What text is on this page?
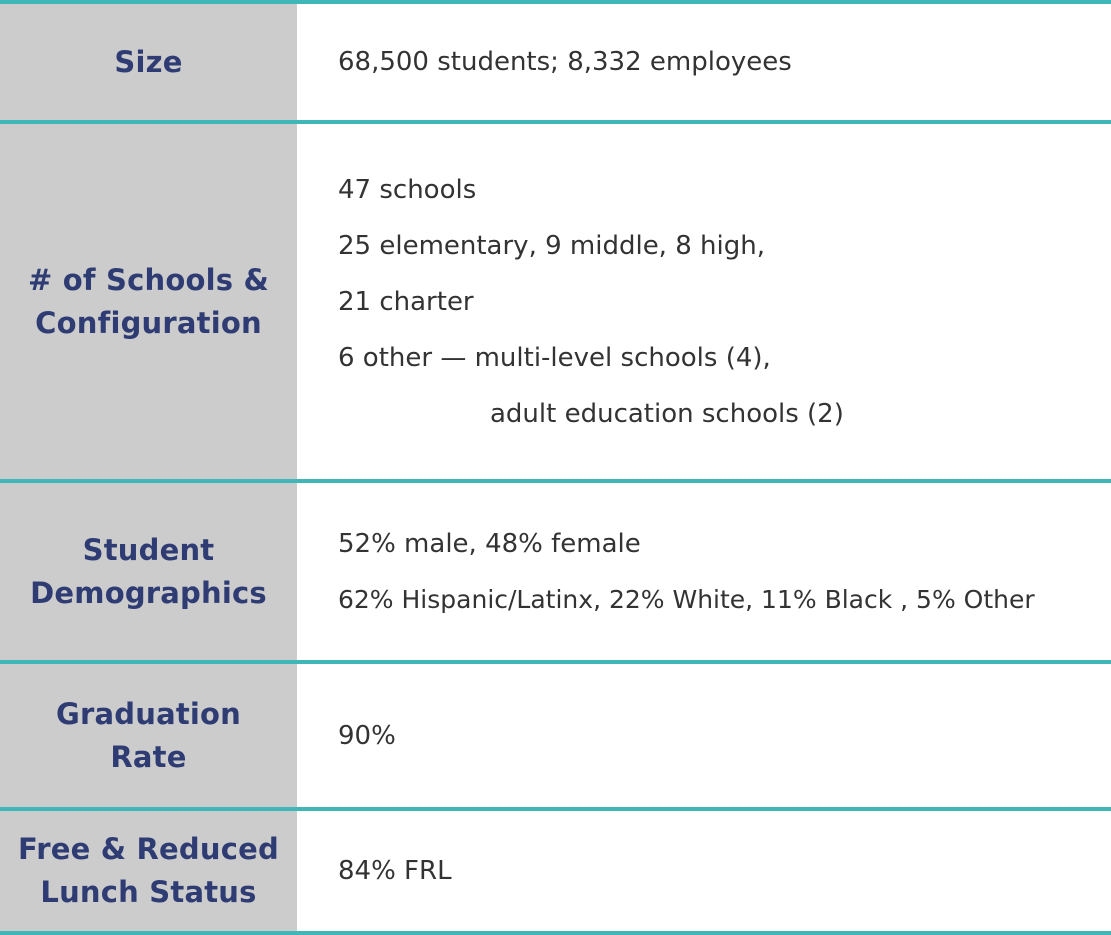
Size	68,500 students; 8,332 employees
# of Schools &
Configuration
47 schools
25 elementary, 9 middle, 8 high,
21 charter
6 other — multi-level schools (4),
adult education schools (2)
Student
Demographics
52% male, 48% female
62% Hispanic/Latinx, 22% White, 11% Black , 5% Other
Graduation
Rate
90%
Free & Reduced
Lunch Status
84% FRL
